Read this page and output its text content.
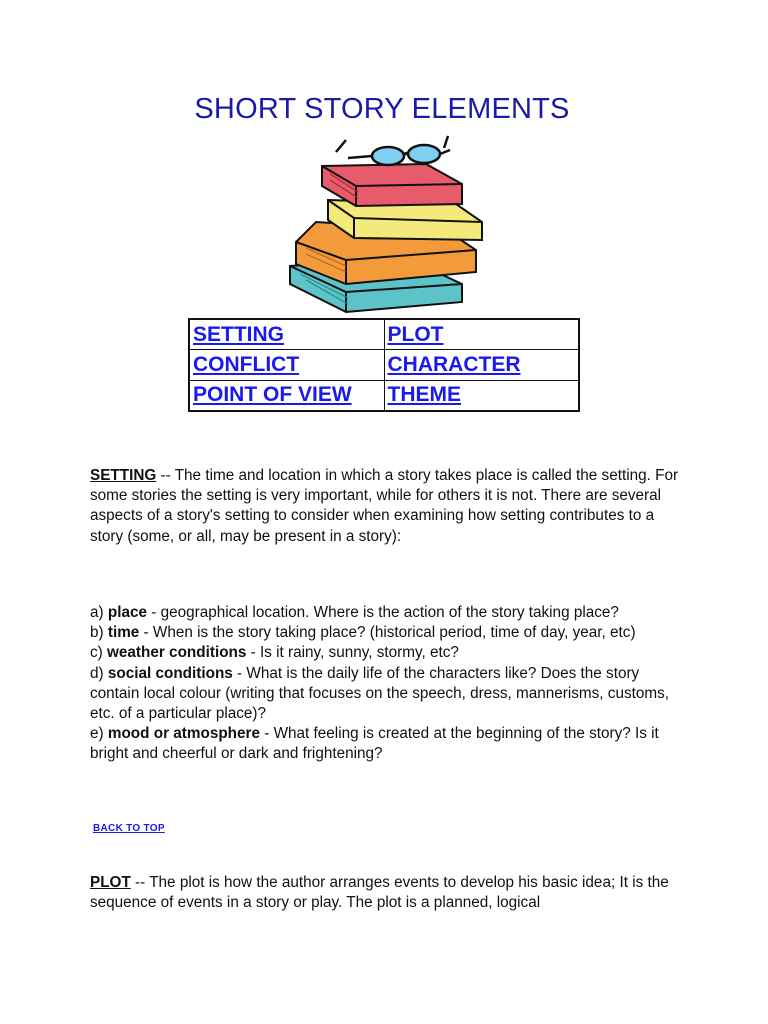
SHORT STORY ELEMENTS
SETTING	PLOT
CONFLICT	CHARACTER
POINT OF VIEW	THEME

SETTING -- The time and location in which a story takes place is called the setting. For some stories the setting is very important, while for others it is not. There are several aspects of a story's setting to consider when examining how setting contributes to a story (some, or all, may be present in a story):

a) place - geographical location. Where is the action of the story taking place?

b) time - When is the story taking place? (historical period, time of day, year, etc)

c) weather conditions - Is it rainy, sunny, stormy, etc?

d) social conditions - What is the daily life of the characters like? Does the story contain local colour (writing that focuses on the speech, dress, mannerisms, customs, etc. of a particular place)?

e) mood or atmosphere - What feeling is created at the beginning of the story? Is it bright and cheerful or dark and frightening?

BACK TO TOP

PLOT -- The plot is how the author arranges events to develop his basic idea; It is the sequence of events in a story or play. The plot is a planned, logical
